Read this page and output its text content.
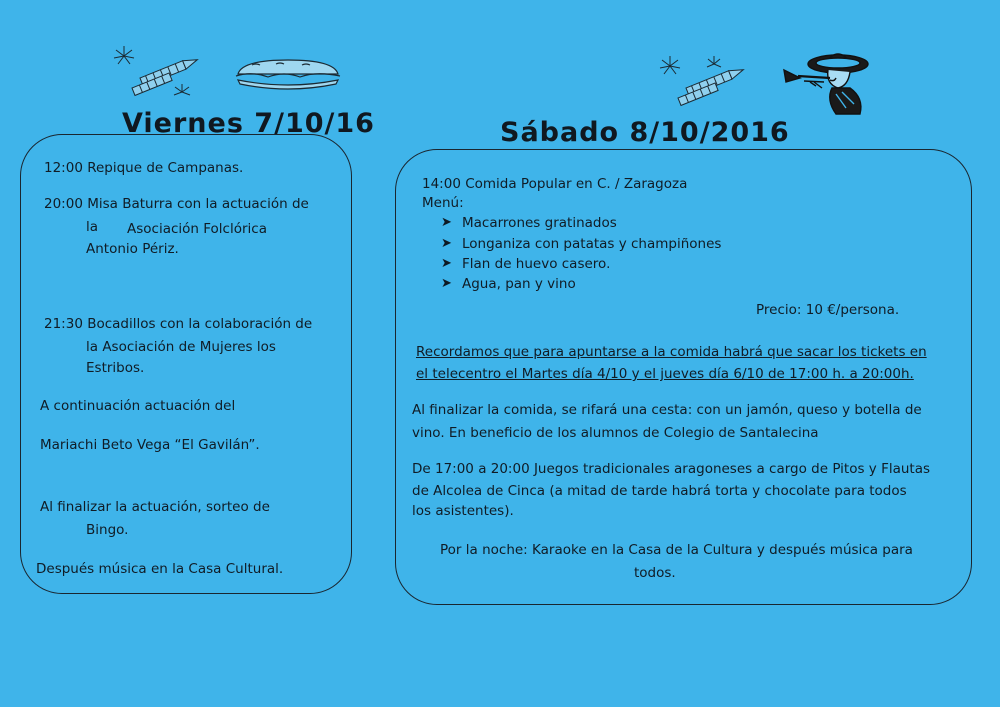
Viernes 7/10/16	Sábado 8/10/2016
12:00 Repique de Campanas.
20:00 Misa Baturra con la actuación de
la Asociación Folclórica
Antonio Périz.
21:30 Bocadillos con la colaboración de
la Asociación de Mujeres los
Estribos.
A continuación actuación del
Mariachi Beto Vega “El Gavilán”.
Al finalizar la actuación, sorteo de
Bingo.
Después música en la Casa Cultural.
14:00 Comida Popular en C. / Zaragoza
Menú:
➤ Macarrones gratinados
➤ Longaniza con patatas y champiñones
➤ Flan de huevo casero.
➤ Agua, pan y vino
Precio: 10 €/persona.
Recordamos que para apuntarse a la comida habrá que sacar los tickets en
el telecentro el Martes día 4/10 y el jueves día 6/10 de 17:00 h. a 20:00h.
Al finalizar la comida, se rifará una cesta: con un jamón, queso y botella de
vino. En beneficio de los alumnos de Colegio de Santalecina
De 17:00 a 20:00 Juegos tradicionales aragoneses a cargo de Pitos y Flautas
de Alcolea de Cinca (a mitad de tarde habrá torta y chocolate para todos
los asistentes).
Por la noche: Karaoke en la Casa de la Cultura y después música para
todos.
